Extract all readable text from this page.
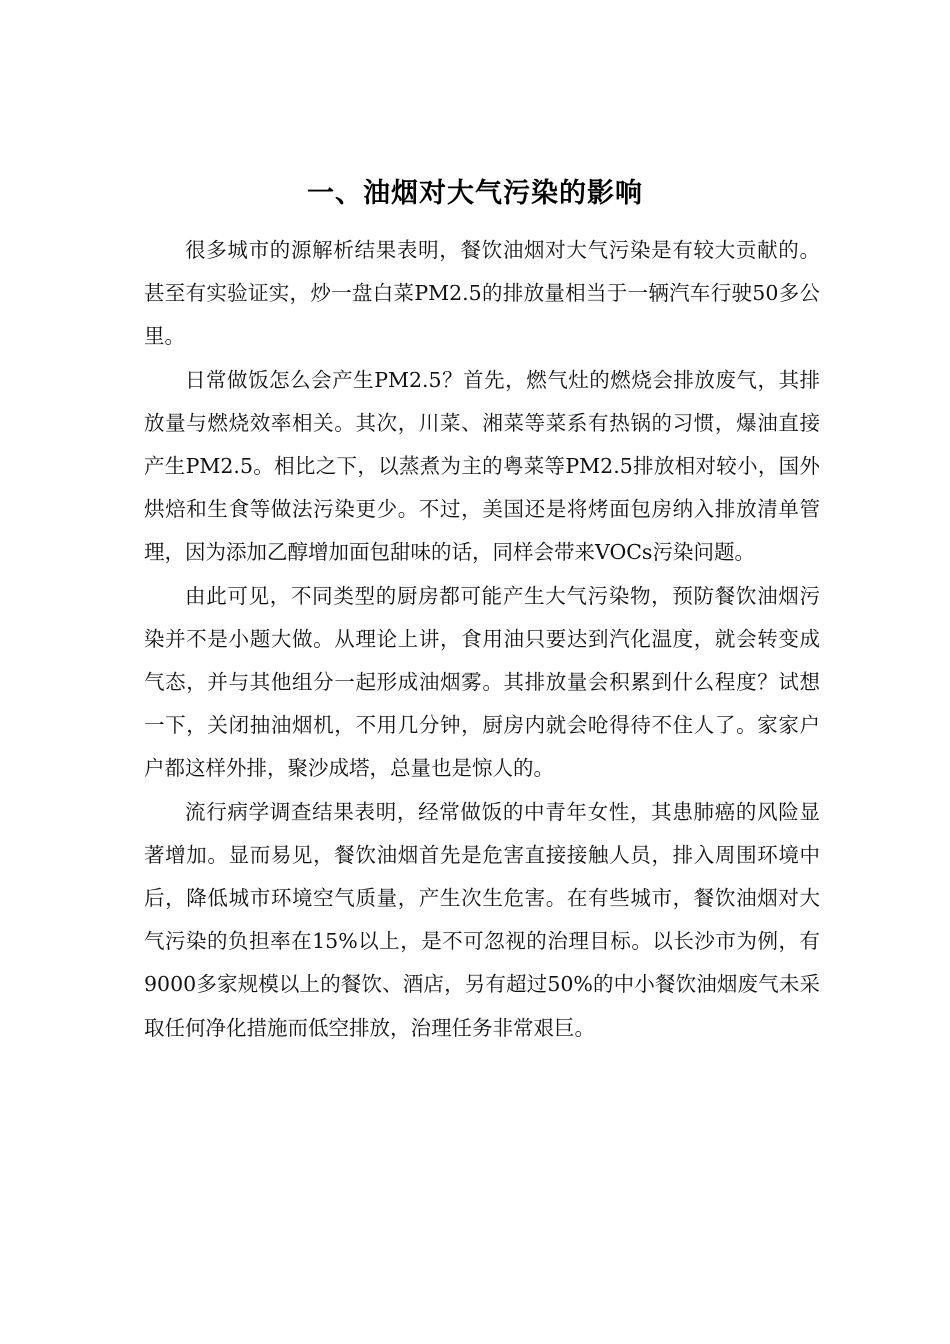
一、油烟对大气污染的影响

很多城市的源解析结果表明，餐饮油烟对大气污染是有较大贡献的。甚至有实验证实，炒一盘白菜PM2.5的排放量相当于一辆汽车行驶50多公里。

日常做饭怎么会产生PM2.5？首先，燃气灶的燃烧会排放废气，其排放量与燃烧效率相关。其次，川菜、湘菜等菜系有热锅的习惯，爆油直接产生PM2.5。相比之下，以蒸煮为主的粤菜等PM2.5排放相对较小，国外烘焙和生食等做法污染更少。不过，美国还是将烤面包房纳入排放清单管理，因为添加乙醇增加面包甜味的话，同样会带来VOCs污染问题。

由此可见，不同类型的厨房都可能产生大气污染物，预防餐饮油烟污染并不是小题大做。从理论上讲，食用油只要达到汽化温度，就会转变成气态，并与其他组分一起形成油烟雾。其排放量会积累到什么程度？试想一下，关闭抽油烟机，不用几分钟，厨房内就会呛得待不住人了。家家户户都这样外排，聚沙成塔，总量也是惊人的。

流行病学调查结果表明，经常做饭的中青年女性，其患肺癌的风险显著增加。显而易见，餐饮油烟首先是危害直接接触人员，排入周围环境中后，降低城市环境空气质量，产生次生危害。在有些城市，餐饮油烟对大气污染的负担率在15%以上，是不可忽视的治理目标。以长沙市为例，有9000多家规模以上的餐饮、酒店，另有超过50%的中小餐饮油烟废气未采取任何净化措施而低空排放，治理任务非常艰巨。
